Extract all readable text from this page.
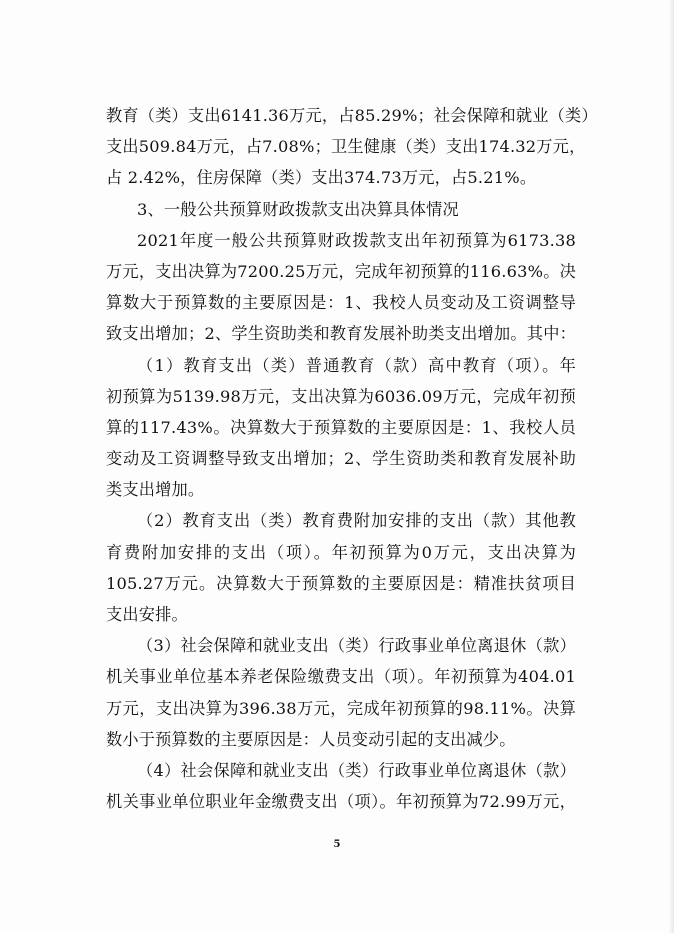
教育（类）支出6141.36万元，占85.29%；社会保障和就业（类）
支出509.84万元，占7.08%；卫生健康（类）支出174.32万元，
占 2.42%，住房保障（类）支出374.73万元，占5.21%。
3、一般公共预算财政拨款支出决算具体情况
2021年度一般公共预算财政拨款支出年初预算为6173.38
万元，支出决算为7200.25万元，完成年初预算的116.63%。决
算数大于预算数的主要原因是：1、我校人员变动及工资调整导
致支出增加；2、学生资助类和教育发展补助类支出增加。其中：
（1）教育支出（类）普通教育（款）高中教育（项）。年
初预算为5139.98万元，支出决算为6036.09万元，完成年初预
算的117.43%。决算数大于预算数的主要原因是：1、我校人员
变动及工资调整导致支出增加；2、学生资助类和教育发展补助
类支出增加。
（2）教育支出（类）教育费附加安排的支出（款）其他教
育费附加安排的支出（项）。年初预算为0万元，支出决算为
105.27万元。决算数大于预算数的主要原因是：精准扶贫项目
支出安排。
（3）社会保障和就业支出（类）行政事业单位离退休（款）
机关事业单位基本养老保险缴费支出（项）。年初预算为404.01
万元，支出决算为396.38万元，完成年初预算的98.11%。决算
数小于预算数的主要原因是：人员变动引起的支出减少。
（4）社会保障和就业支出（类）行政事业单位离退休（款）
机关事业单位职业年金缴费支出（项）。年初预算为72.99万元，
5
